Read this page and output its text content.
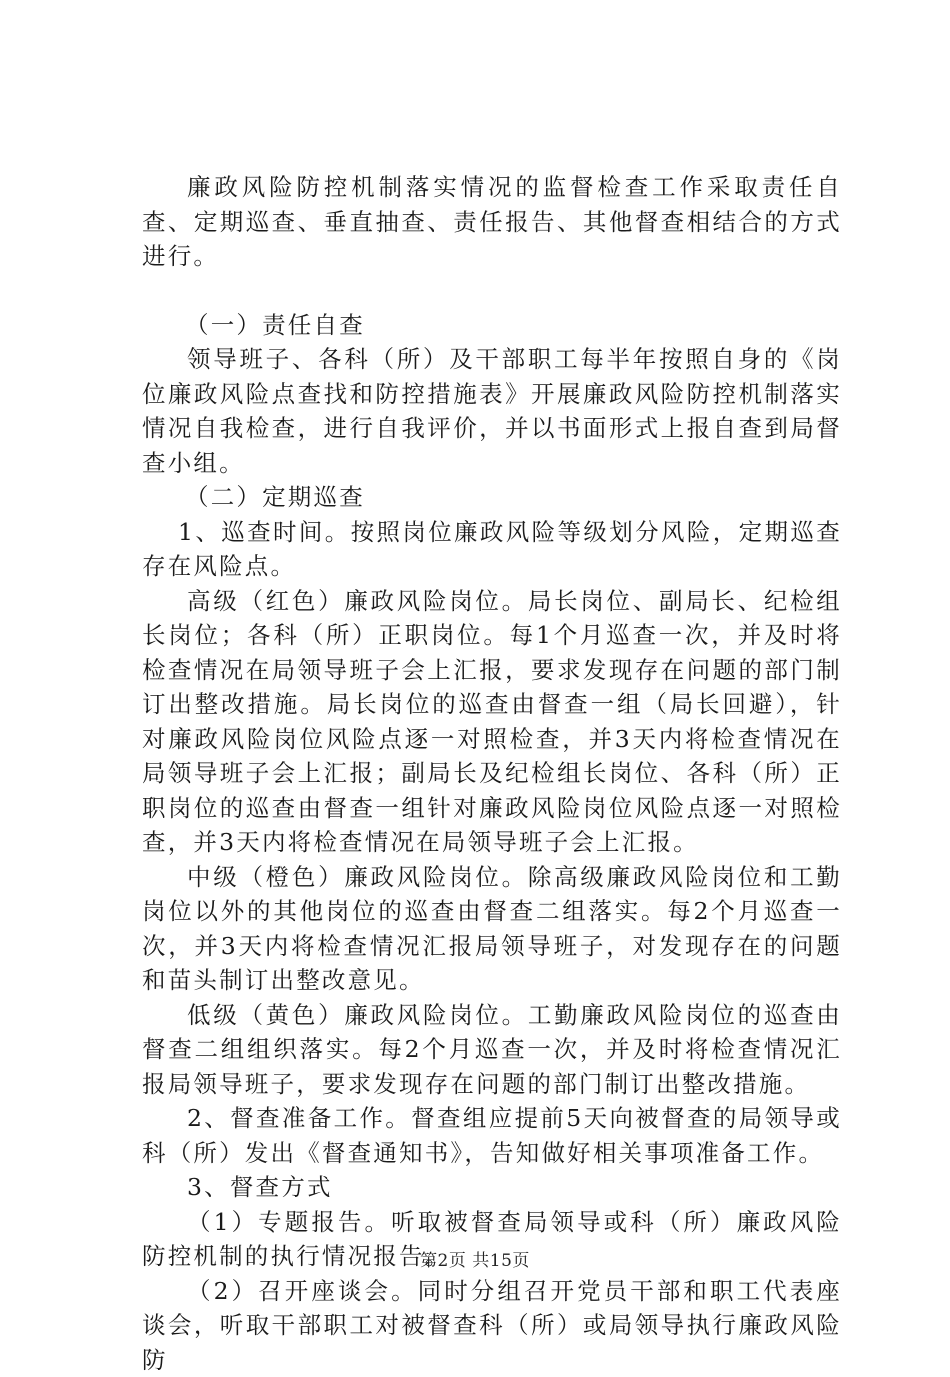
廉政风险防控机制落实情况的监督检查工作采取责任自查、定期巡查、垂直抽查、责任报告、其他督查相结合的方式进行。

（一）责任自查

领导班子、各科（所）及干部职工每半年按照自身的《岗位廉政风险点查找和防控措施表》开展廉政风险防控机制落实情况自我检查，进行自我评价，并以书面形式上报自查到局督查小组。

（二）定期巡查

1、巡查时间。按照岗位廉政风险等级划分风险，定期巡查存在风险点。

高级（红色）廉政风险岗位。局长岗位、副局长、纪检组长岗位；各科（所）正职岗位。每1个月巡查一次，并及时将检查情况在局领导班子会上汇报，要求发现存在问题的部门制订出整改措施。局长岗位的巡查由督查一组（局长回避），针对廉政风险岗位风险点逐一对照检查，并3天内将检查情况在局领导班子会上汇报；副局长及纪检组长岗位、各科（所）正职岗位的巡查由督查一组针对廉政风险岗位风险点逐一对照检查，并3天内将检查情况在局领导班子会上汇报。

中级（橙色）廉政风险岗位。除高级廉政风险岗位和工勤岗位以外的其他岗位的巡查由督查二组落实。每2个月巡查一次，并3天内将检查情况汇报局领导班子，对发现存在的问题和苗头制订出整改意见。

低级（黄色）廉政风险岗位。工勤廉政风险岗位的巡查由督查二组组织落实。每2个月巡查一次，并及时将检查情况汇报局领导班子，要求发现存在问题的部门制订出整改措施。

2、督查准备工作。督查组应提前5天向被督查的局领导或科（所）发出《督查通知书》，告知做好相关事项准备工作。

3、督查方式

（1）专题报告。听取被督查局领导或科（所）廉政风险防控机制的执行情况报告。

（2）召开座谈会。同时分组召开党员干部和职工代表座谈会，听取干部职工对被督查科（所）或局领导执行廉政风险防

第2页 共15页
